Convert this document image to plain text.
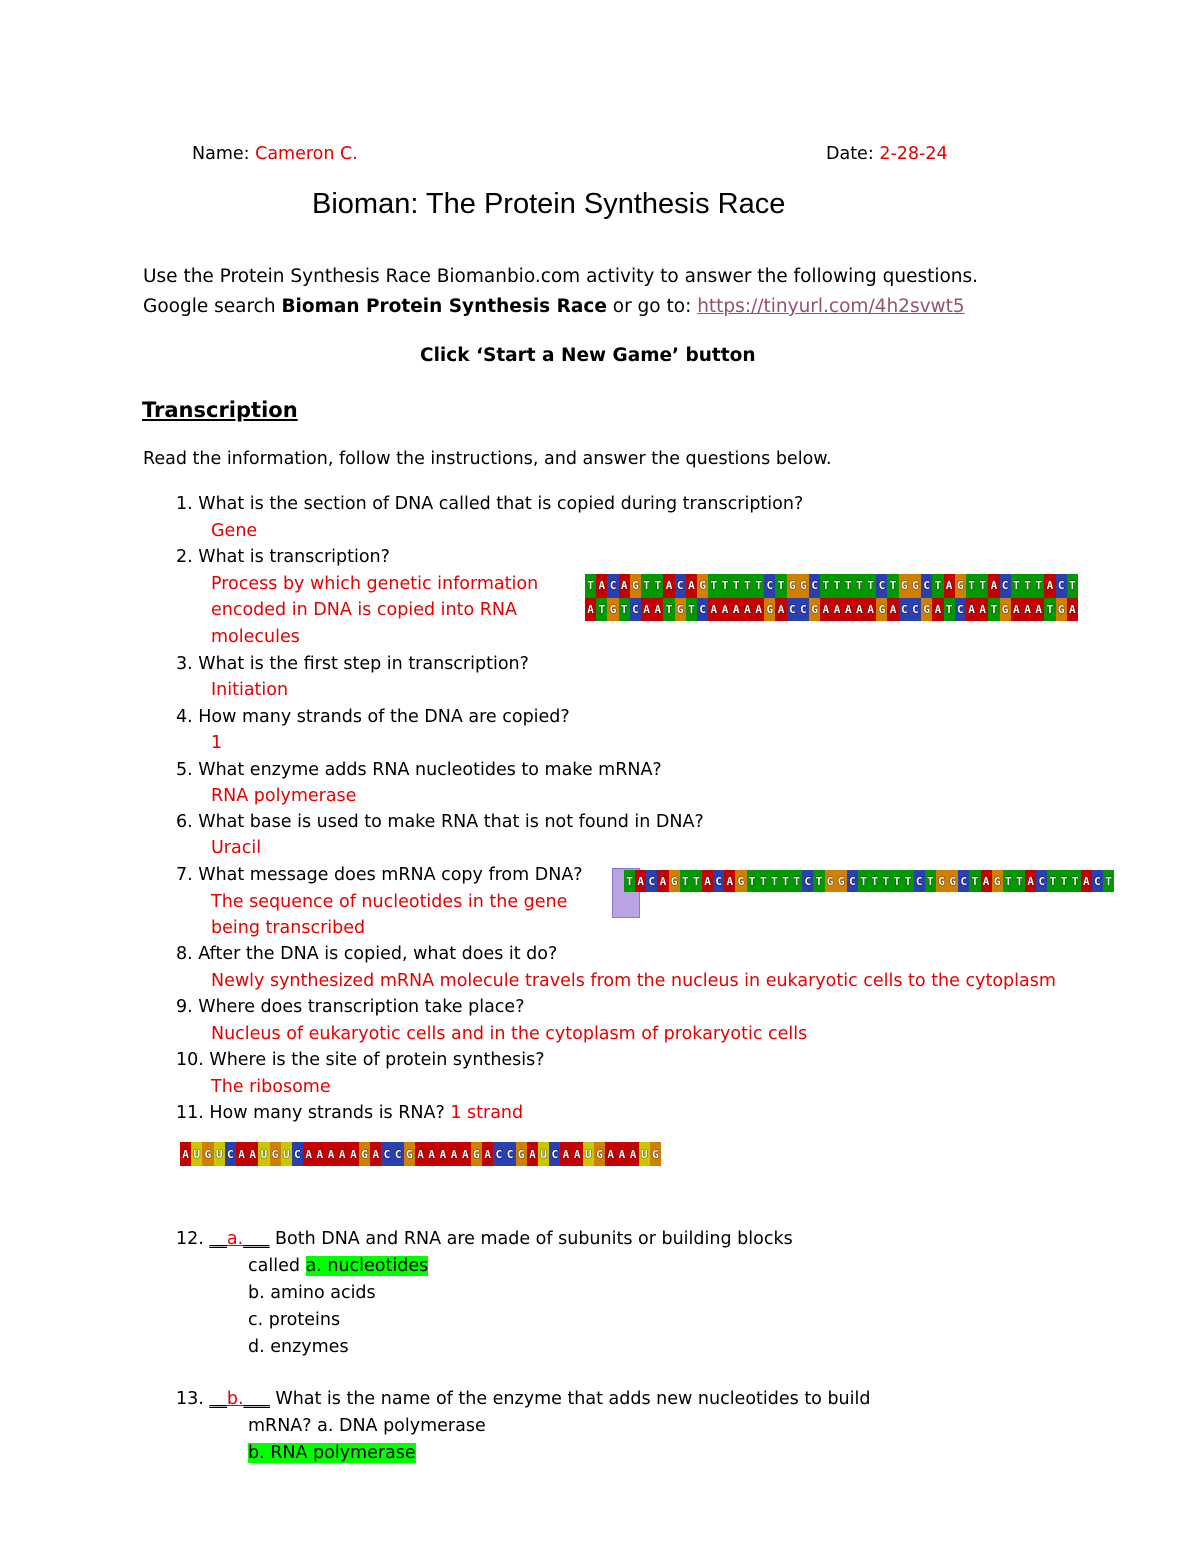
Name: Cameron C.	Date: 2-28-24
Bioman: The Protein Synthesis Race
Use the Protein Synthesis Race Biomanbio.com activity to answer the following questions.
Google search Bioman Protein Synthesis Race or go to: https://tinyurl.com/4h2svwt5
Click ‘Start a New Game’ button
Transcription
Read the information, follow the instructions, and answer the questions below.
1. What is the section of DNA called that is copied during transcription?
Gene
2. What is transcription?
Process by which genetic information
encoded in DNA is copied into RNA
molecules
3. What is the first step in transcription?
Initiation
4. How many strands of the DNA are copied?
1
5. What enzyme adds RNA nucleotides to make mRNA?
RNA polymerase
6. What base is used to make RNA that is not found in DNA?
Uracil
7. What message does mRNA copy from DNA?
The sequence of nucleotides in the gene
being transcribed
8. After the DNA is copied, what does it do?
Newly synthesized mRNA molecule travels from the nucleus in eukaryotic cells to the cytoplasm
9. Where does transcription take place?
Nucleus of eukaryotic cells and in the cytoplasm of prokaryotic cells
10. Where is the site of protein synthesis?
The ribosome
11. How many strands is RNA? 1 strand
T A C A G T T A C A G T T T T T C T G G C T T T T T C T G G C T A G T T A C T T T A C T
A T G T C A A T G T C A A A A A G A C C G A A A A A G A C C G A T C A A T G A A A T G A
T A C A G T T A C A G T T T T T C T G G C T T T T T C T G G C T A G T T A C T T T A C T
A U G U C A A U G U C A A A A A G A C C G A A A A A G A C C G A U C A A U G A A A U G
12. __a.___ Both DNA and RNA are made of subunits or building blocks
called a. nucleotides
b. amino acids
c. proteins
d. enzymes
13. __b.___ What is the name of the enzyme that adds new nucleotides to build
mRNA? a. DNA polymerase
b. RNA polymerase
